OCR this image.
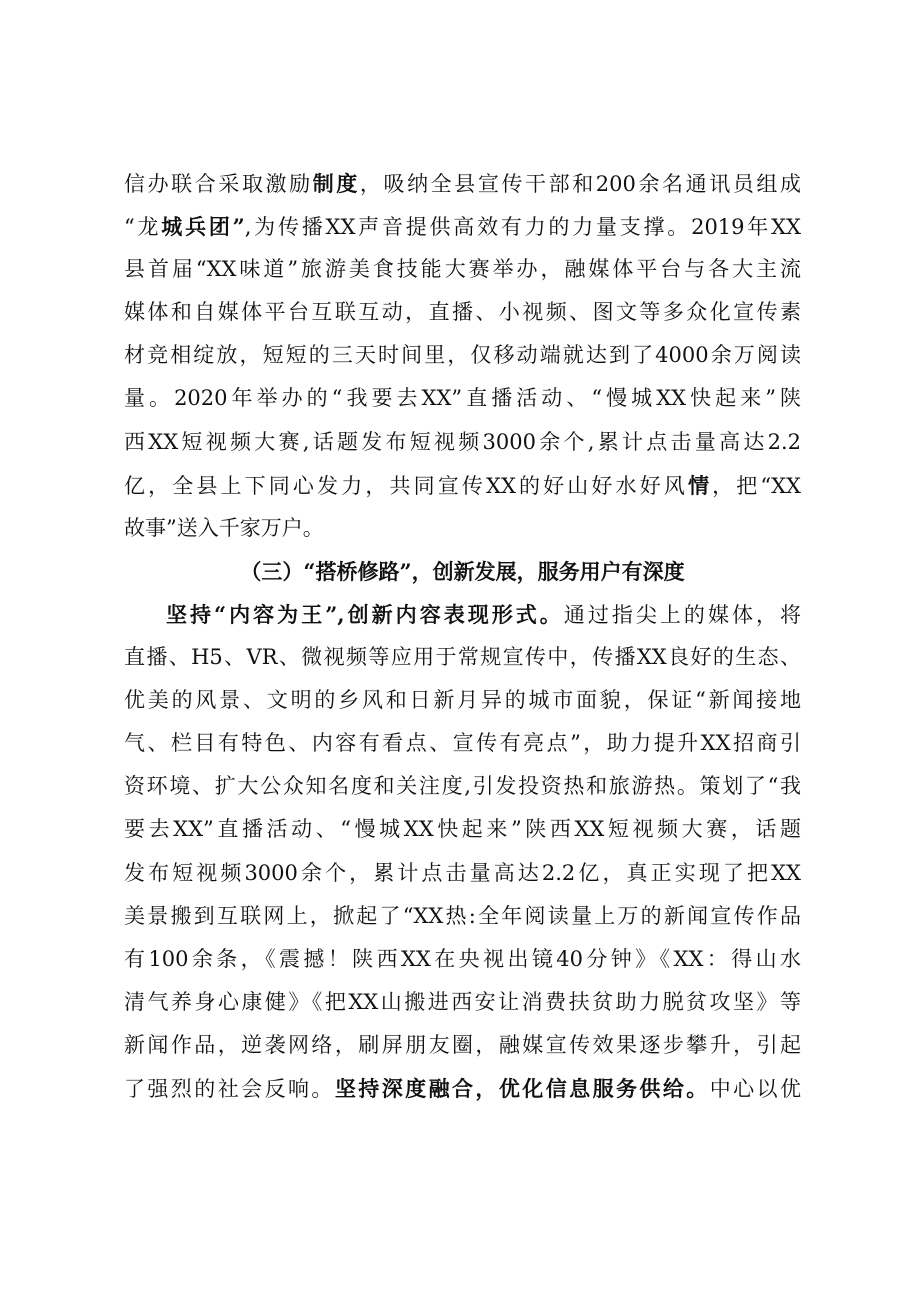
信办联合采取激励制度，吸纳全县宣传干部和200余名通讯员组成
“龙城兵团”,为传播XX声音提供高效有力的力量支撑。2019年XX
县首届“XX味道”旅游美食技能大赛举办，融媒体平台与各大主流
媒体和自媒体平台互联互动，直播、小视频、图文等多众化宣传素
材竞相绽放，短短的三天时间里，仅移动端就达到了4000余万阅读
量。2020年举办的“我要去XX”直播活动、“慢城XX快起来”陕
西XX短视频大赛,话题发布短视频3000余个,累计点击量高达2.2
亿，全县上下同心发力，共同宣传XX的好山好水好风情，把“XX
故事”送入千家万户。
（三）“搭桥修路”，创新发展，服务用户有深度
坚持“内容为王”,创新内容表现形式。通过指尖上的媒体，将
直播、H5、VR、微视频等应用于常规宣传中，传播XX良好的生态、
优美的风景、文明的乡风和日新月异的城市面貌，保证“新闻接地
气、栏目有特色、内容有看点、宣传有亮点”，助力提升XX招商引
资环境、扩大公众知名度和关注度,引发投资热和旅游热。策划了“我
要去XX”直播活动、“慢城XX快起来”陕西XX短视频大赛，话题
发布短视频3000余个，累计点击量高达2.2亿，真正实现了把XX
美景搬到互联网上，掀起了“XX热:全年阅读量上万的新闻宣传作品
有100余条，《震撼！陕西XX在央视出镜40分钟》《XX：得山水
清气养身心康健》《把XX山搬进西安让消费扶贫助力脱贫攻坚》等
新闻作品，逆袭网络，刷屏朋友圈，融媒宣传效果逐步攀升，引起
了强烈的社会反响。坚持深度融合，优化信息服务供给。中心以优
